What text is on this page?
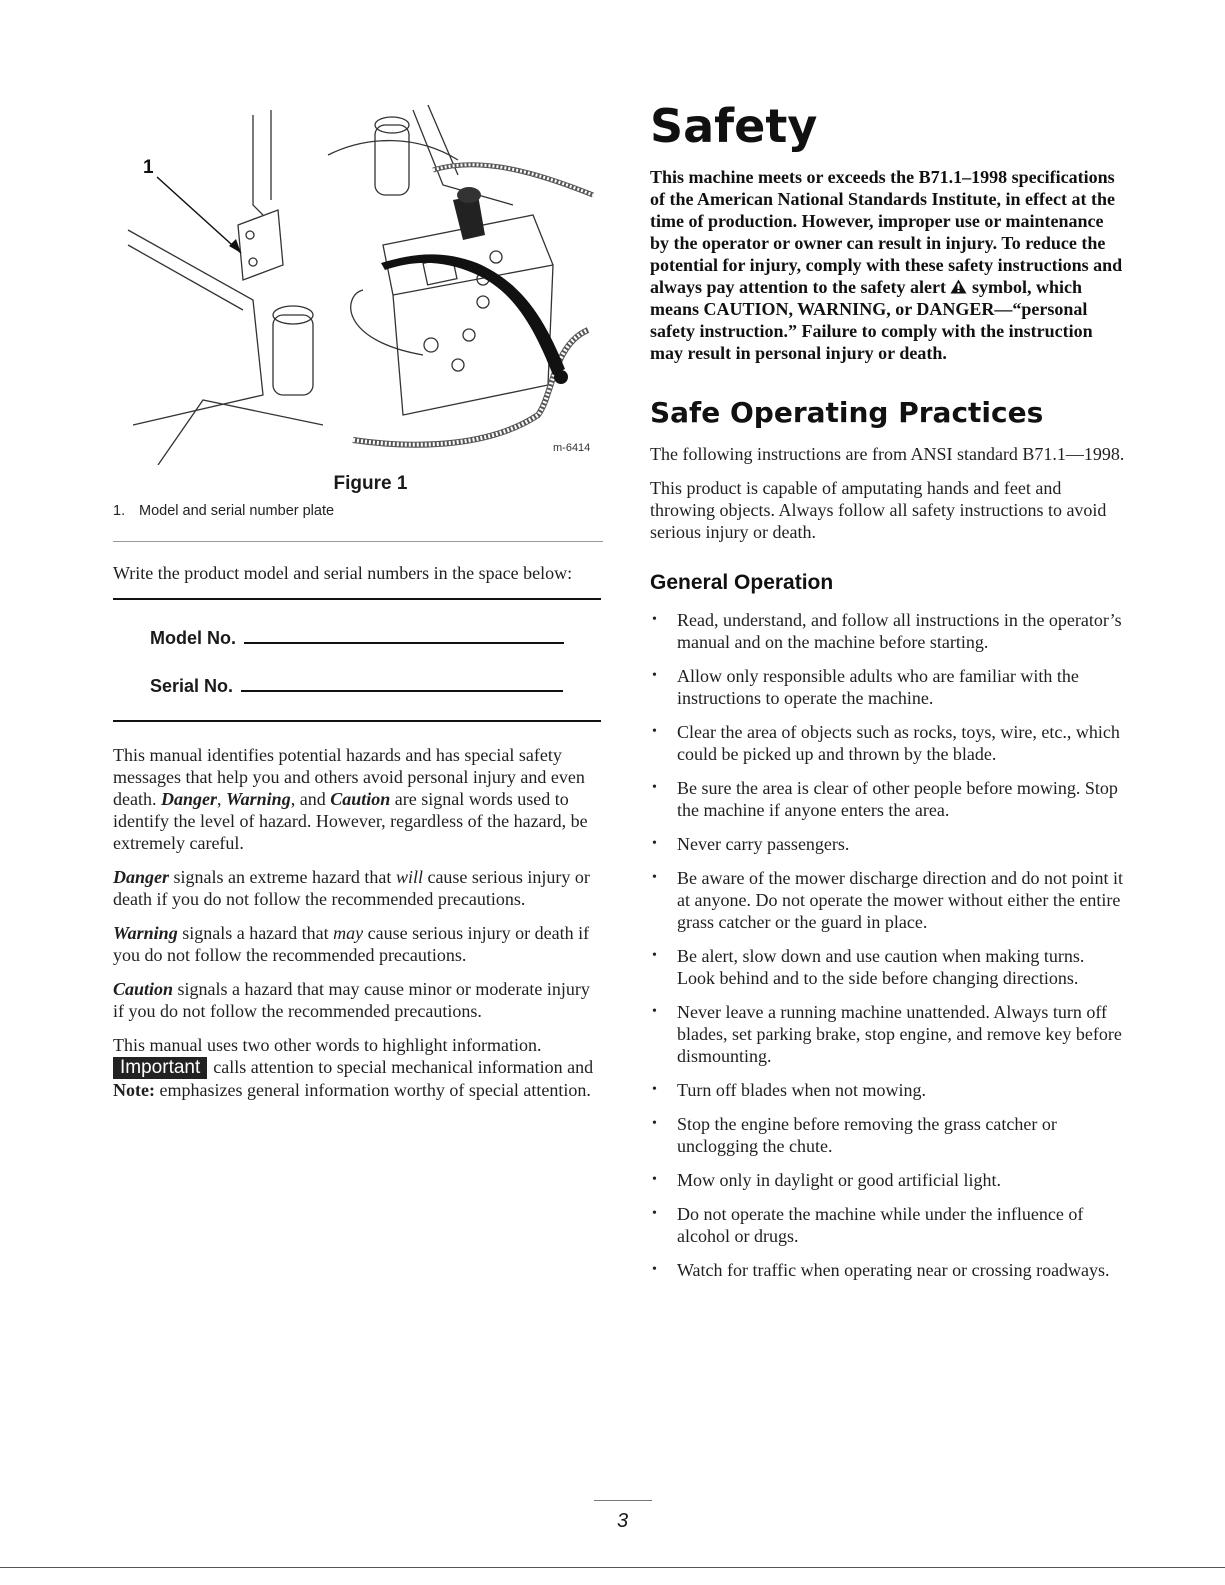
1
m-6414
Figure 1
1. Model and serial number plate

Write the product model and serial numbers in the space below:

Model No.
Serial No.

This manual identifies potential hazards and has special safety messages that help you and others avoid personal injury and even death. Danger, Warning, and Caution are signal words used to identify the level of hazard. However, regardless of the hazard, be extremely careful.

Danger signals an extreme hazard that will cause serious injury or death if you do not follow the recommended precautions.

Warning signals a hazard that may cause serious injury or death if you do not follow the recommended precautions.

Caution signals a hazard that may cause minor or moderate injury if you do not follow the recommended precautions.

This manual uses two other words to highlight information.
Important calls attention to special mechanical information and Note: emphasizes general information worthy of special attention.

Safety

This machine meets or exceeds the B71.1–1998 specifications of the American National Standards Institute, in effect at the time of production. However, improper use or maintenance by the operator or owner can result in injury. To reduce the potential for injury, comply with these safety instructions and always pay attention to the safety alert  symbol, which means CAUTION, WARNING, or DANGER—“personal safety instruction.” Failure to comply with the instruction may result in personal injury or death.

Safe Operating Practices

The following instructions are from ANSI standard B71.1—1998.

This product is capable of amputating hands and feet and throwing objects. Always follow all safety instructions to avoid serious injury or death.

General Operation
• Read, understand, and follow all instructions in the operator’s manual and on the machine before starting.
• Allow only responsible adults who are familiar with the instructions to operate the machine.
• Clear the area of objects such as rocks, toys, wire, etc., which could be picked up and thrown by the blade.
• Be sure the area is clear of other people before mowing. Stop the machine if anyone enters the area.
• Never carry passengers.
• Be aware of the mower discharge direction and do not point it at anyone. Do not operate the mower without either the entire grass catcher or the guard in place.
• Be alert, slow down and use caution when making turns. Look behind and to the side before changing directions.
• Never leave a running machine unattended. Always turn off blades, set parking brake, stop engine, and remove key before dismounting.
• Turn off blades when not mowing.
• Stop the engine before removing the grass catcher or unclogging the chute.
• Mow only in daylight or good artificial light.
• Do not operate the machine while under the influence of alcohol or drugs.
• Watch for traffic when operating near or crossing roadways.
3
